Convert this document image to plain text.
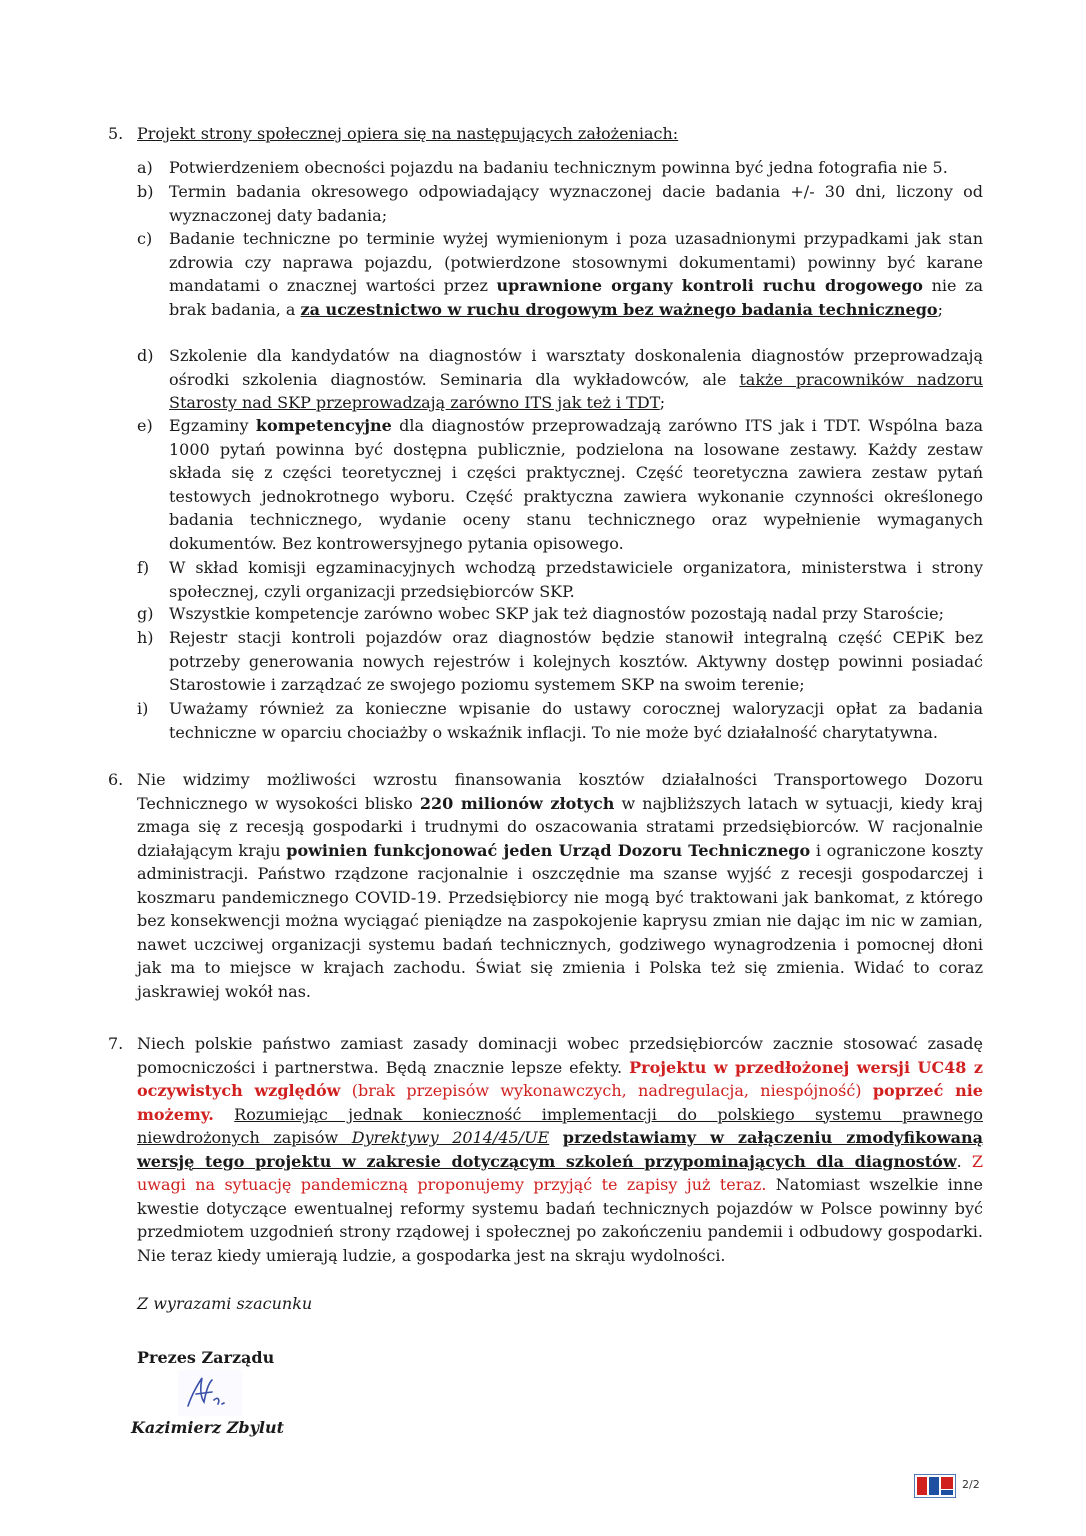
5. Projekt strony społecznej opiera się na następujących założeniach:
a) Potwierdzeniem obecności pojazdu na badaniu technicznym powinna być jedna fotografia nie 5.
b) Termin badania okresowego odpowiadający wyznaczonej dacie badania +/- 30 dni, liczony od wyznaczonej daty badania;
c) Badanie techniczne po terminie wyżej wymienionym i poza uzasadnionymi przypadkami jak stan zdrowia czy naprawa pojazdu, (potwierdzone stosownymi dokumentami) powinny być karane mandatami o znacznej wartości przez uprawnione organy kontroli ruchu drogowego nie za brak badania, a za uczestnictwo w ruchu drogowym bez ważnego badania technicznego;
d) Szkolenie dla kandydatów na diagnostów i warsztaty doskonalenia diagnostów przeprowadzają ośrodki szkolenia diagnostów. Seminaria dla wykładowców, ale także pracowników nadzoru Starosty nad SKP przeprowadzają zarówno ITS jak też i TDT;
e) Egzaminy kompetencyjne dla diagnostów przeprowadzają zarówno ITS jak i TDT. Wspólna baza 1000 pytań powinna być dostępna publicznie, podzielona na losowane zestawy. Każdy zestaw składa się z części teoretycznej i części praktycznej. Część teoretyczna zawiera zestaw pytań testowych jednokrotnego wyboru. Część praktyczna zawiera wykonanie czynności określonego badania technicznego, wydanie oceny stanu technicznego oraz wypełnienie wymaganych dokumentów. Bez kontrowersyjnego pytania opisowego.
f) W skład komisji egzaminacyjnych wchodzą przedstawiciele organizatora, ministerstwa i strony społecznej, czyli organizacji przedsiębiorców SKP.
g) Wszystkie kompetencje zarówno wobec SKP jak też diagnostów pozostają nadal przy Staroście;
h) Rejestr stacji kontroli pojazdów oraz diagnostów będzie stanowił integralną część CEPiK bez potrzeby generowania nowych rejestrów i kolejnych kosztów. Aktywny dostęp powinni posiadać Starostowie i zarządzać ze swojego poziomu systemem SKP na swoim terenie;
i) Uważamy również za konieczne wpisanie do ustawy corocznej waloryzacji opłat za badania techniczne w oparciu chociażby o wskaźnik inflacji. To nie może być działalność charytatywna.
6. Nie widzimy możliwości wzrostu finansowania kosztów działalności Transportowego Dozoru Technicznego w wysokości blisko 220 milionów złotych w najbliższych latach w sytuacji, kiedy kraj zmaga się z recesją gospodarki i trudnymi do oszacowania stratami przedsiębiorców. W racjonalnie działającym kraju powinien funkcjonować jeden Urząd Dozoru Technicznego i ograniczone koszty administracji. Państwo rządzone racjonalnie i oszczędnie ma szanse wyjść z recesji gospodarczej i koszmaru pandemicznego COVID-19. Przedsiębiorcy nie mogą być traktowani jak bankomat, z którego bez konsekwencji można wyciągać pieniądze na zaspokojenie kaprysu zmian nie dając im nic w zamian, nawet uczciwej organizacji systemu badań technicznych, godziwego wynagrodzenia i pomocnej dłoni jak ma to miejsce w krajach zachodu. Świat się zmienia i Polska też się zmienia. Widać to coraz jaskrawiej wokół nas.

7. Niech polskie państwo zamiast zasady dominacji wobec przedsiębiorców zacznie stosować zasadę pomocniczości i partnerstwa. Będą znacznie lepsze efekty. Projektu w przedłożonej wersji UC48 z oczywistych względów (brak przepisów wykonawczych, nadregulacja, niespójność) poprzeć nie możemy. Rozumiejąc jednak konieczność implementacji do polskiego systemu prawnego niewdrożonych zapisów Dyrektywy 2014/45/UE przedstawiamy w załączeniu zmodyfikowaną wersję tego projektu w zakresie dotyczącym szkoleń przypominających dla diagnostów. Z uwagi na sytuację pandemiczną proponujemy przyjąć te zapisy już teraz. Natomiast wszelkie inne kwestie dotyczące ewentualnej reformy systemu badań technicznych pojazdów w Polsce powinny być przedmiotem uzgodnień strony rządowej i społecznej po zakończeniu pandemii i odbudowy gospodarki. Nie teraz kiedy umierają ludzie, a gospodarka jest na skraju wydolności.

Z wyrazami szacunku
Prezes Zarządu
Kazimierz Zbylut
2/2
